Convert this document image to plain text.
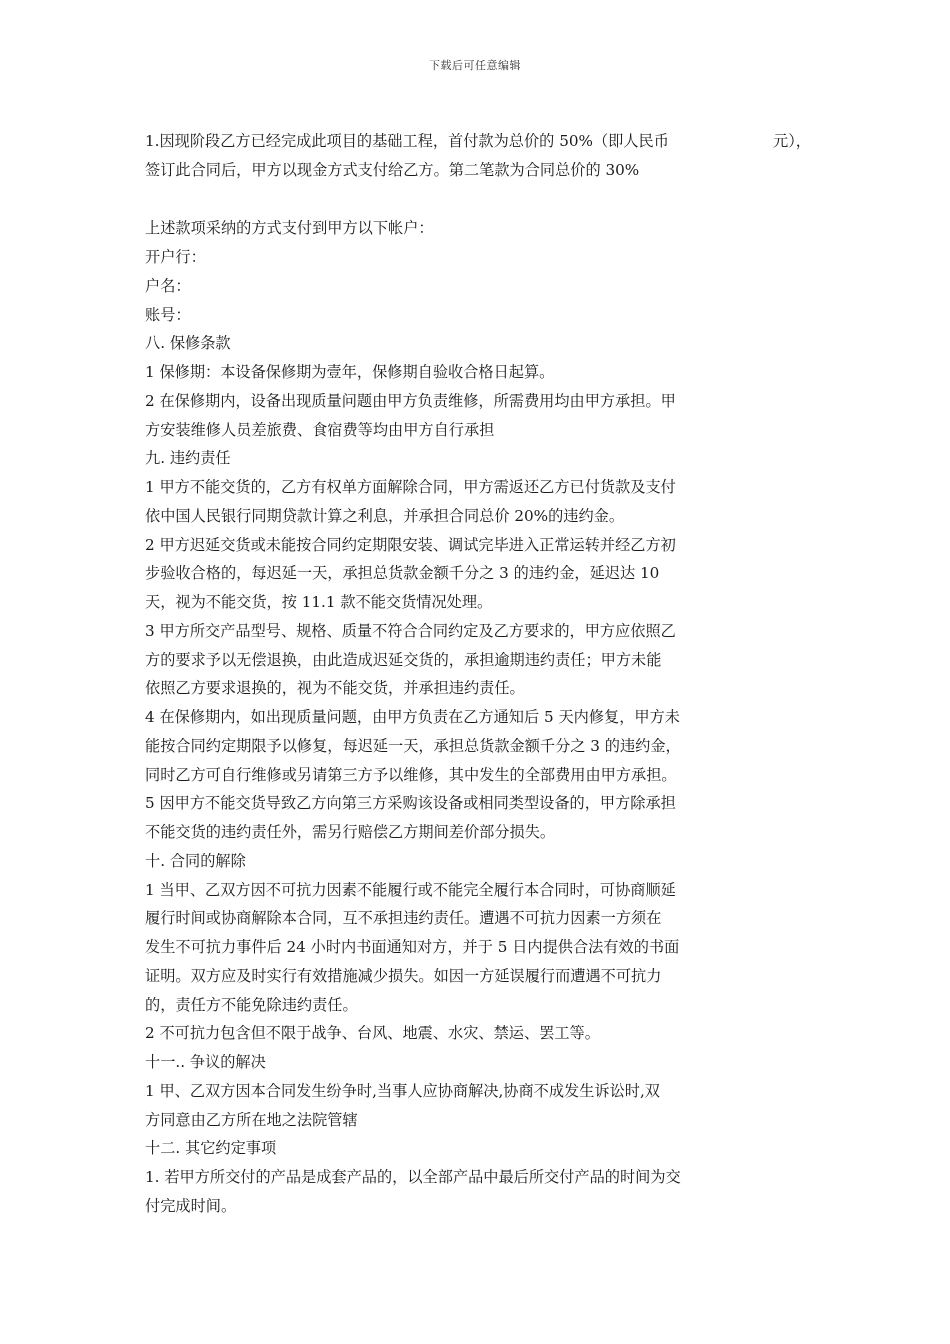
下载后可任意编辑
1.因现阶段乙方已经完成此项目的基础工程，首付款为总价的 50%（即人民币	元），
签订此合同后，甲方以现金方式支付给乙方。第二笔款为合同总价的 30%
上述款项采纳的方式支付到甲方以下帐户：
开户行：
户名：
账号：
八. 保修条款
1 保修期：本设备保修期为壹年，保修期自验收合格日起算。
2 在保修期内，设备出现质量问题由甲方负责维修，所需费用均由甲方承担。甲
方安装维修人员差旅费、食宿费等均由甲方自行承担
九. 违约责任
1 甲方不能交货的，乙方有权单方面解除合同，甲方需返还乙方已付货款及支付
依中国人民银行同期贷款计算之利息，并承担合同总价 20%的违约金。
2 甲方迟延交货或未能按合同约定期限安装、调试完毕进入正常运转并经乙方初
步验收合格的，每迟延一天，承担总货款金额千分之 3 的违约金，延迟达 10
天，视为不能交货，按 11.1 款不能交货情况处理。
3 甲方所交产品型号、规格、质量不符合合同约定及乙方要求的，甲方应依照乙
方的要求予以无偿退换，由此造成迟延交货的，承担逾期违约责任；甲方未能
依照乙方要求退换的，视为不能交货，并承担违约责任。
4 在保修期内，如出现质量问题，由甲方负责在乙方通知后 5 天内修复，甲方未
能按合同约定期限予以修复，每迟延一天，承担总货款金额千分之 3 的违约金，
同时乙方可自行维修或另请第三方予以维修，其中发生的全部费用由甲方承担。
5 因甲方不能交货导致乙方向第三方采购该设备或相同类型设备的，甲方除承担
不能交货的违约责任外，需另行赔偿乙方期间差价部分损失。
十. 合同的解除
1 当甲、乙双方因不可抗力因素不能履行或不能完全履行本合同时，可协商顺延
履行时间或协商解除本合同，互不承担违约责任。遭遇不可抗力因素一方须在
发生不可抗力事件后 24 小时内书面通知对方，并于 5 日内提供合法有效的书面
证明。双方应及时实行有效措施减少损失。如因一方延误履行而遭遇不可抗力
的，责任方不能免除违约责任。
2 不可抗力包含但不限于战争、台风、地震、水灾、禁运、罢工等。
十一.. 争议的解决
1 甲、乙双方因本合同发生纷争时,当事人应协商解决,协商不成发生诉讼时,双
方同意由乙方所在地之法院管辖
十二. 其它约定事项
1. 若甲方所交付的产品是成套产品的，以全部产品中最后所交付产品的时间为交
付完成时间。
